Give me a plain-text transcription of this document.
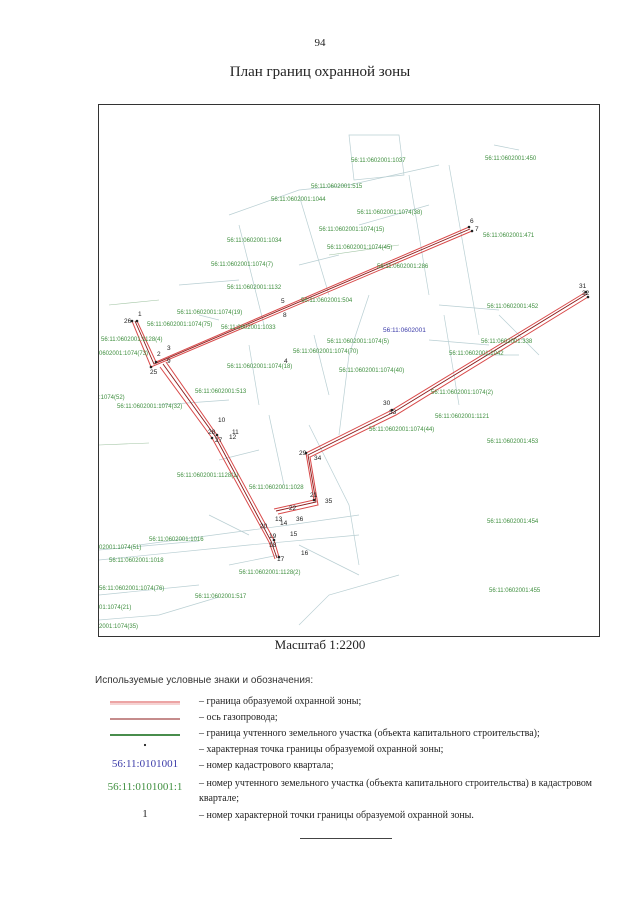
94
План границ охранной зоны
56:11:0602001:1037	56:11:0602001:450
56:11:0602001:515
56:11:0602001:1044
56:11:0602001:1074(38)
56:11:0602001:1074(15)
56:11:0602001:1034
56:11:0602001:471
56:11:0602001:1074(45)
56:11:0602001:1074(7)	56:11:0602001:286
56:11:0602001:1132
56:11:0602001:504
56:11:0602001:452
56:11:0602001:1074(19)
56:11:0602001:1074(75) 56:11:0602001:1033
56:11:0602001:1128(4)	56:11:0602001:1074(5)	56:11:0602001:338
0602001:1074(73)	56:11:0602001:1074(70)	56:11:0602001:1042
56:11:0602001:1074(18)
56:11:0602001:1074(40)
56:11:0602001:513	56:11:0602001:1074(2)
:1074(52)
56:11:0602001:1074(32)
56:11:0602001:1121
56:11:0602001:1074(44)
56:11:0602001:453
56:11:0602001:1128(1)
56:11:0602001:1028
56:11:0602001:454
56:11:0602001:1016
02001:1074(51)
56:11:0602001:1018
56:11:0602001:1128(2)
56:11:0602001:1074(76)
56:11:0602001:517
56:11:0602001:455
01:1074(21)
2001:1074(35)
56:11:0602001
1
26
2
3
25
9	4
5
8
6
7
31
32
30
33
29
34
10
11
28
27 12
21
35
22
36
13
14
20
15
19
18
16
17
Масштаб 1:2200
Используемые условные знаки и обозначения:
– граница образуемой охранной зоны;
– ось газопровода;
– граница учтенного земельного участка (объекта капитального строительства);
– характерная точка границы образуемой охранной зоны;
56:11:0101001	– номер кадастрового квартала;
56:11:0101001:1	– номер учтенного земельного участка (объекта капитального строительства) в кадастровом квартале;
1	– номер характерной точки границы образуемой охранной зоны.
